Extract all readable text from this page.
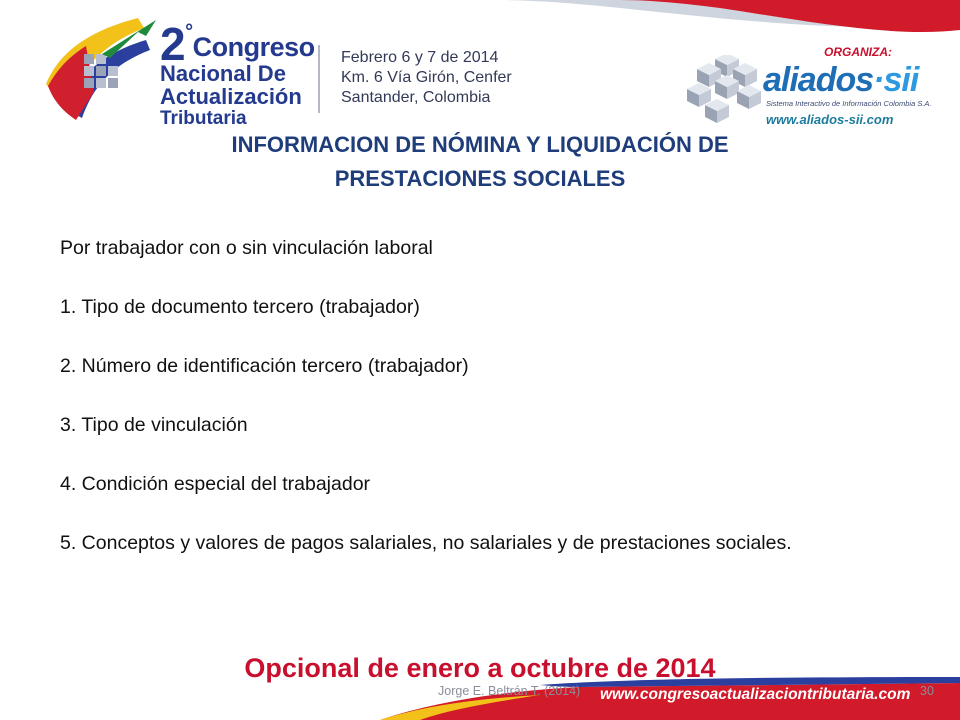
2°Congreso
Nacional De
Actualización
Tributaria
Febrero 6 y 7 de 2014
Km. 6 Vía Girón, Cenfer
Santander, Colombia
ORGANIZA:
aliados·sii
Sistema Interactivo de Información Colombia S.A.
www.aliados-sii.com
INFORMACION DE NÓMINA Y LIQUIDACIÓN DE
PRESTACIONES SOCIALES

Por trabajador con o sin vinculación laboral

1. Tipo de documento tercero (trabajador)

2. Número de identificación tercero (trabajador)

3. Tipo de vinculación

4. Condición especial del trabajador

5. Conceptos y valores de pagos salariales, no salariales y de prestaciones sociales.

Opcional de enero a octubre de 2014
Jorge E. Beltrán T. (2014) www.congresoactualizaciontributaria.com 30
